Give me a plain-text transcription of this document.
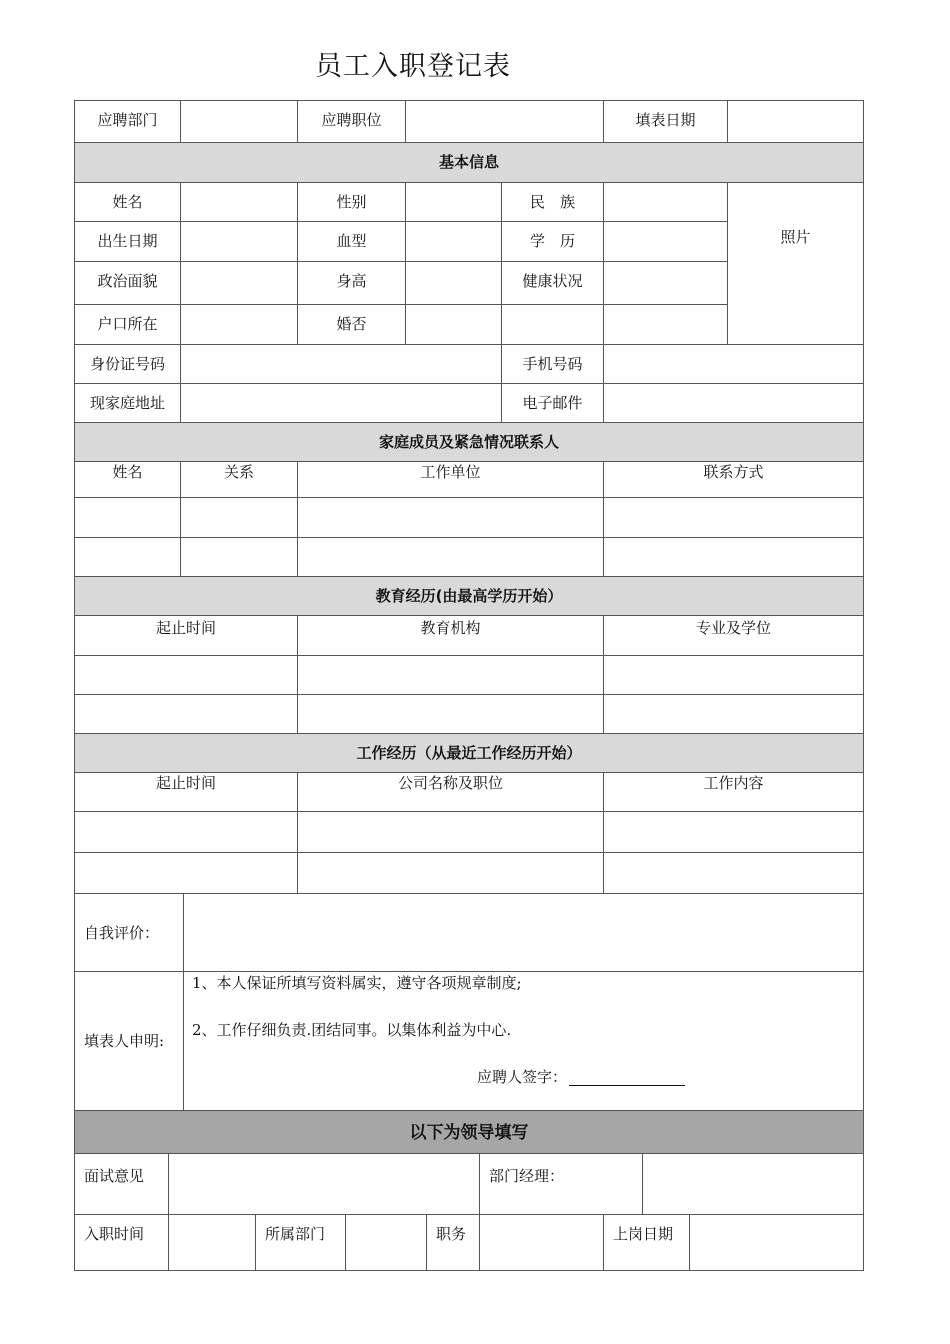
员工入职登记表
应聘部门	应聘职位	填表日期
基本信息
姓名	性别	民　族
出生日期	血型	学　历
政治面貌	身高	健康状况
户口所在	婚否
照片
身份证号码	手机号码
现家庭地址	电子邮件
家庭成员及紧急情况联系人
姓名	关系	工作单位	联系方式
教育经历(由最高学历开始）
起止时间	教育机构	专业及学位
工作经历（从最近工作经历开始）
起止时间	公司名称及职位	工作内容
自我评价：
填表人申明:
1、本人保证所填写资料属实，遵守各项规章制度;
2、工作仔细负责.团结同事。以集体利益为中心.
应聘人签字：
以下为领导填写
面试意见	部门经理：
入职时间	所属部门	职务	上岗日期
